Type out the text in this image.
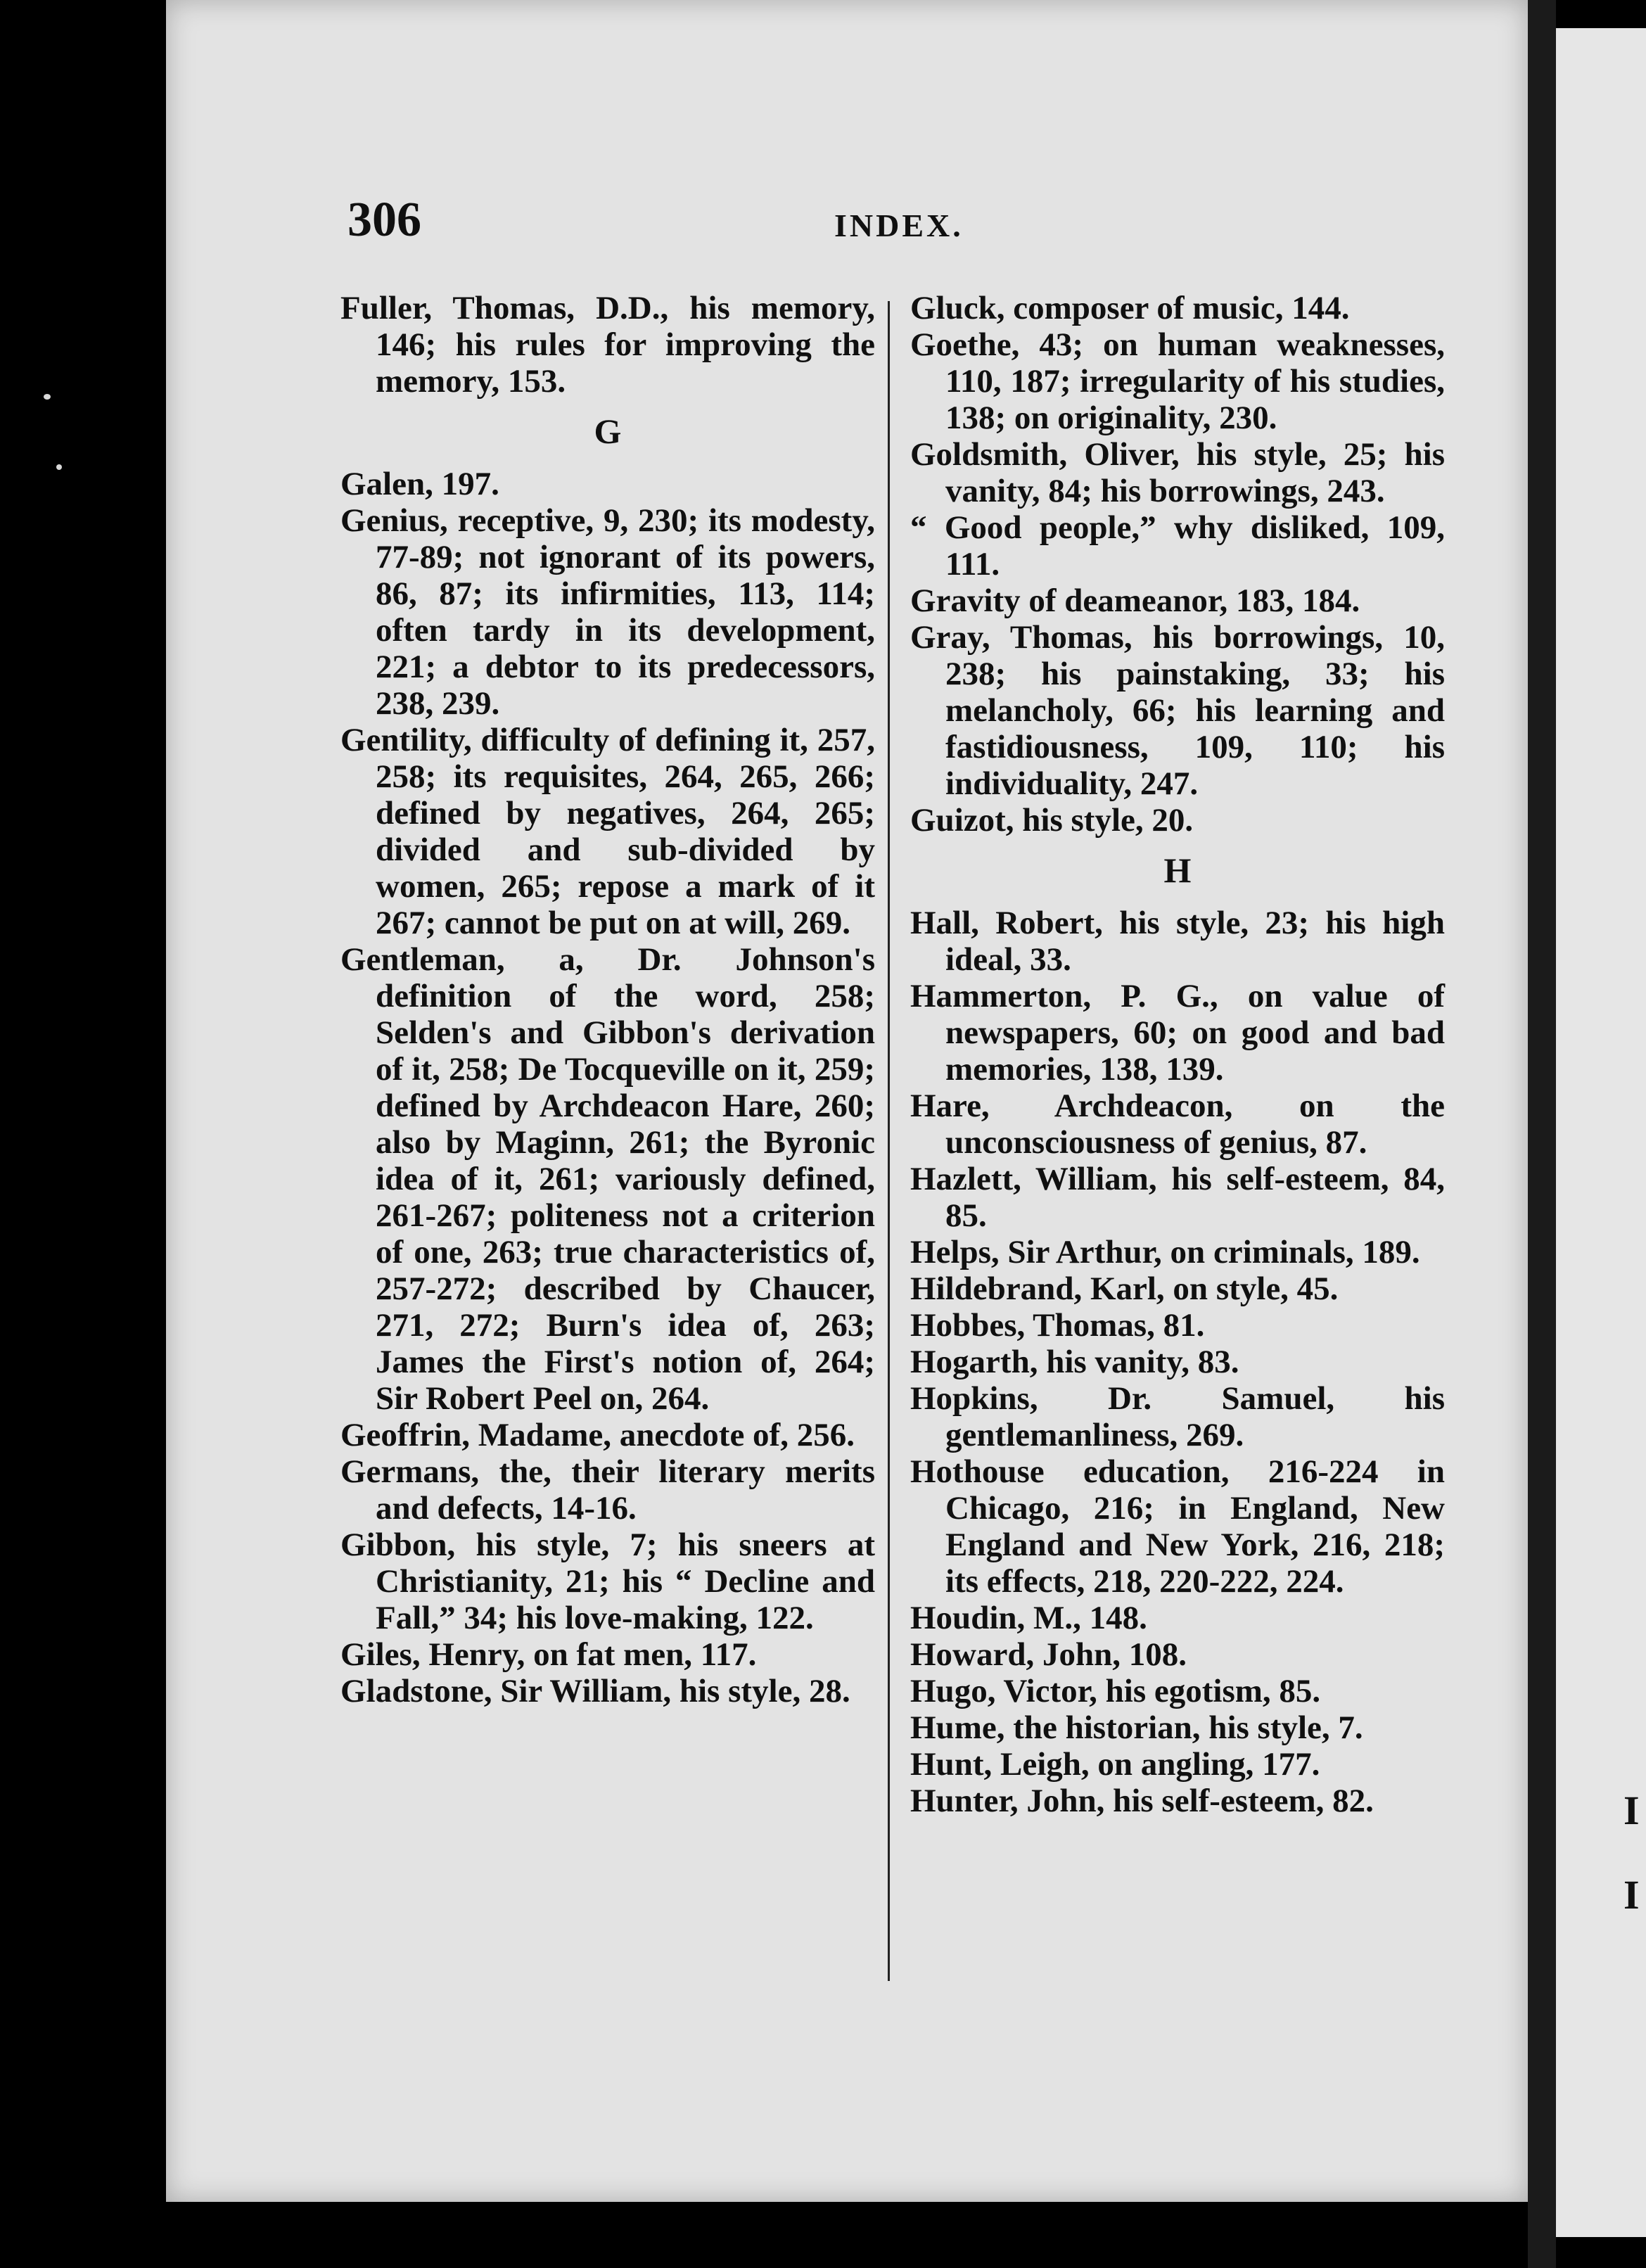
I
I
306	INDEX.

Fuller, Thomas, D.D., his memory, 146; his rules for improving the memory, 153.

G

Galen, 197.

Genius, receptive, 9, 230; its modesty, 77-89; not ignorant of its powers, 86, 87; its infirmities, 113, 114; often tardy in its development, 221; a debtor to its predecessors, 238, 239.

Gentility, difficulty of defining it, 257, 258; its requisites, 264, 265, 266; defined by negatives, 264, 265; divided and sub-divided by women, 265; repose a mark of it 267; cannot be put on at will, 269.

Gentleman, a, Dr. Johnson's definition of the word, 258; Selden's and Gibbon's derivation of it, 258; De Tocqueville on it, 259; defined by Archdeacon Hare, 260; also by Maginn, 261; the Byronic idea of it, 261; variously defined, 261-267; politeness not a criterion of one, 263; true characteristics of, 257-272; described by Chaucer, 271, 272; Burn's idea of, 263; James the First's notion of, 264; Sir Robert Peel on, 264.

Geoffrin, Madame, anecdote of, 256.

Germans, the, their literary merits and defects, 14-16.

Gibbon, his style, 7; his sneers at Christianity, 21; his “ Decline and Fall,” 34; his love-making, 122.

Giles, Henry, on fat men, 117.

Gladstone, Sir William, his style, 28.

Gluck, composer of music, 144.

Goethe, 43; on human weaknesses, 110, 187; irregularity of his studies, 138; on originality, 230.

Goldsmith, Oliver, his style, 25; his vanity, 84; his borrowings, 243.

“ Good people,” why disliked, 109, 111.

Gravity of deameanor, 183, 184.

Gray, Thomas, his borrowings, 10, 238; his painstaking, 33; his melancholy, 66; his learning and fastidiousness, 109, 110; his individuality, 247.

Guizot, his style, 20.

H

Hall, Robert, his style, 23; his high ideal, 33.

Hammerton, P. G., on value of newspapers, 60; on good and bad memories, 138, 139.

Hare, Archdeacon, on the unconsciousness of genius, 87.

Hazlett, William, his self-esteem, 84, 85.

Helps, Sir Arthur, on criminals, 189.

Hildebrand, Karl, on style, 45.

Hobbes, Thomas, 81.

Hogarth, his vanity, 83.

Hopkins, Dr. Samuel, his gentlemanliness, 269.

Hothouse education, 216-224 in Chicago, 216; in England, New England and New York, 216, 218; its effects, 218, 220-222, 224.

Houdin, M., 148.

Howard, John, 108.

Hugo, Victor, his egotism, 85.

Hume, the historian, his style, 7.

Hunt, Leigh, on angling, 177.

Hunter, John, his self-esteem, 82.
